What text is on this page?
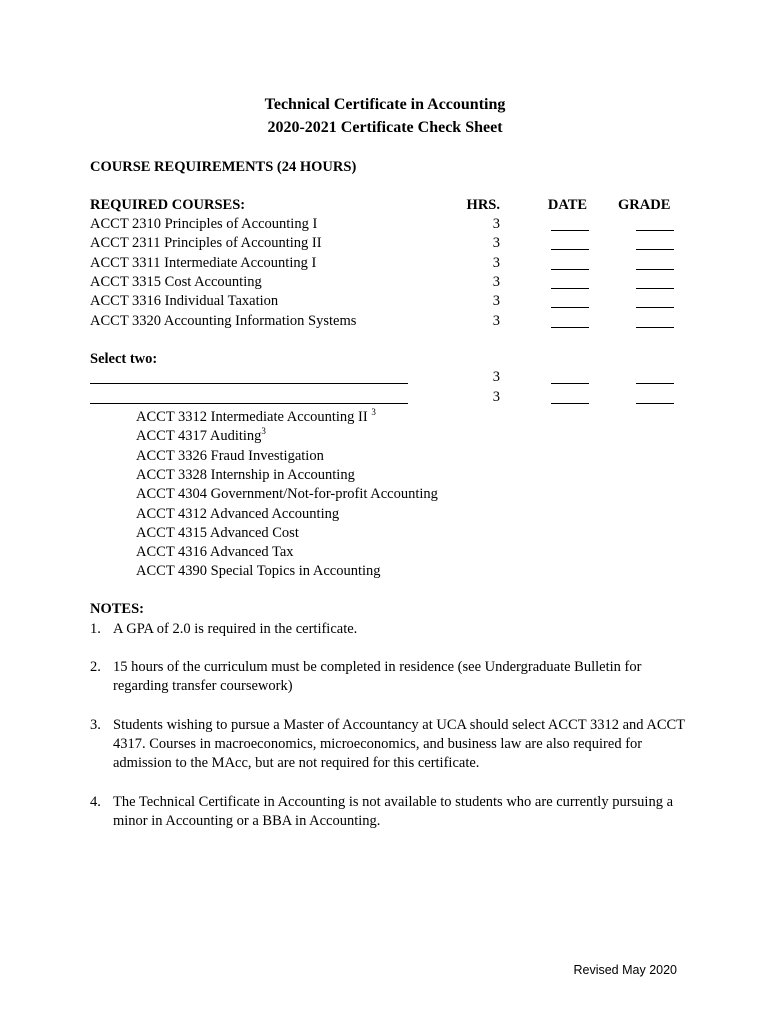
Technical Certificate in Accounting
2020-2021 Certificate Check Sheet
COURSE REQUIREMENTS (24 HOURS)
REQUIRED COURSES:	HRS.	DATE	GRADE
ACCT 2310 Principles of Accounting I	3
ACCT 2311 Principles of Accounting II	3
ACCT 3311 Intermediate Accounting I	3
ACCT 3315 Cost Accounting	3
ACCT 3316 Individual Taxation	3
ACCT 3320 Accounting Information Systems	3
Select two:
3
3
ACCT 3312 Intermediate Accounting II $^3$
ACCT 4317 Auditing$^3$
ACCT 3326 Fraud Investigation
ACCT 3328 Internship in Accounting
ACCT 4304 Government/Not-for-profit Accounting
ACCT 4312 Advanced Accounting
ACCT 4315 Advanced Cost
ACCT 4316 Advanced Tax
ACCT 4390 Special Topics in Accounting
NOTES:
1. A GPA of 2.0 is required in the certificate.
2. 15 hours of the curriculum must be completed in residence (see Undergraduate Bulletin for regarding transfer coursework)
3. Students wishing to pursue a Master of Accountancy at UCA should select ACCT 3312 and ACCT 4317. Courses in macroeconomics, microeconomics, and business law are also required for admission to the MAcc, but are not required for this certificate.
4. The Technical Certificate in Accounting is not available to students who are currently pursuing a minor in Accounting or a BBA in Accounting.
Revised May 2020
